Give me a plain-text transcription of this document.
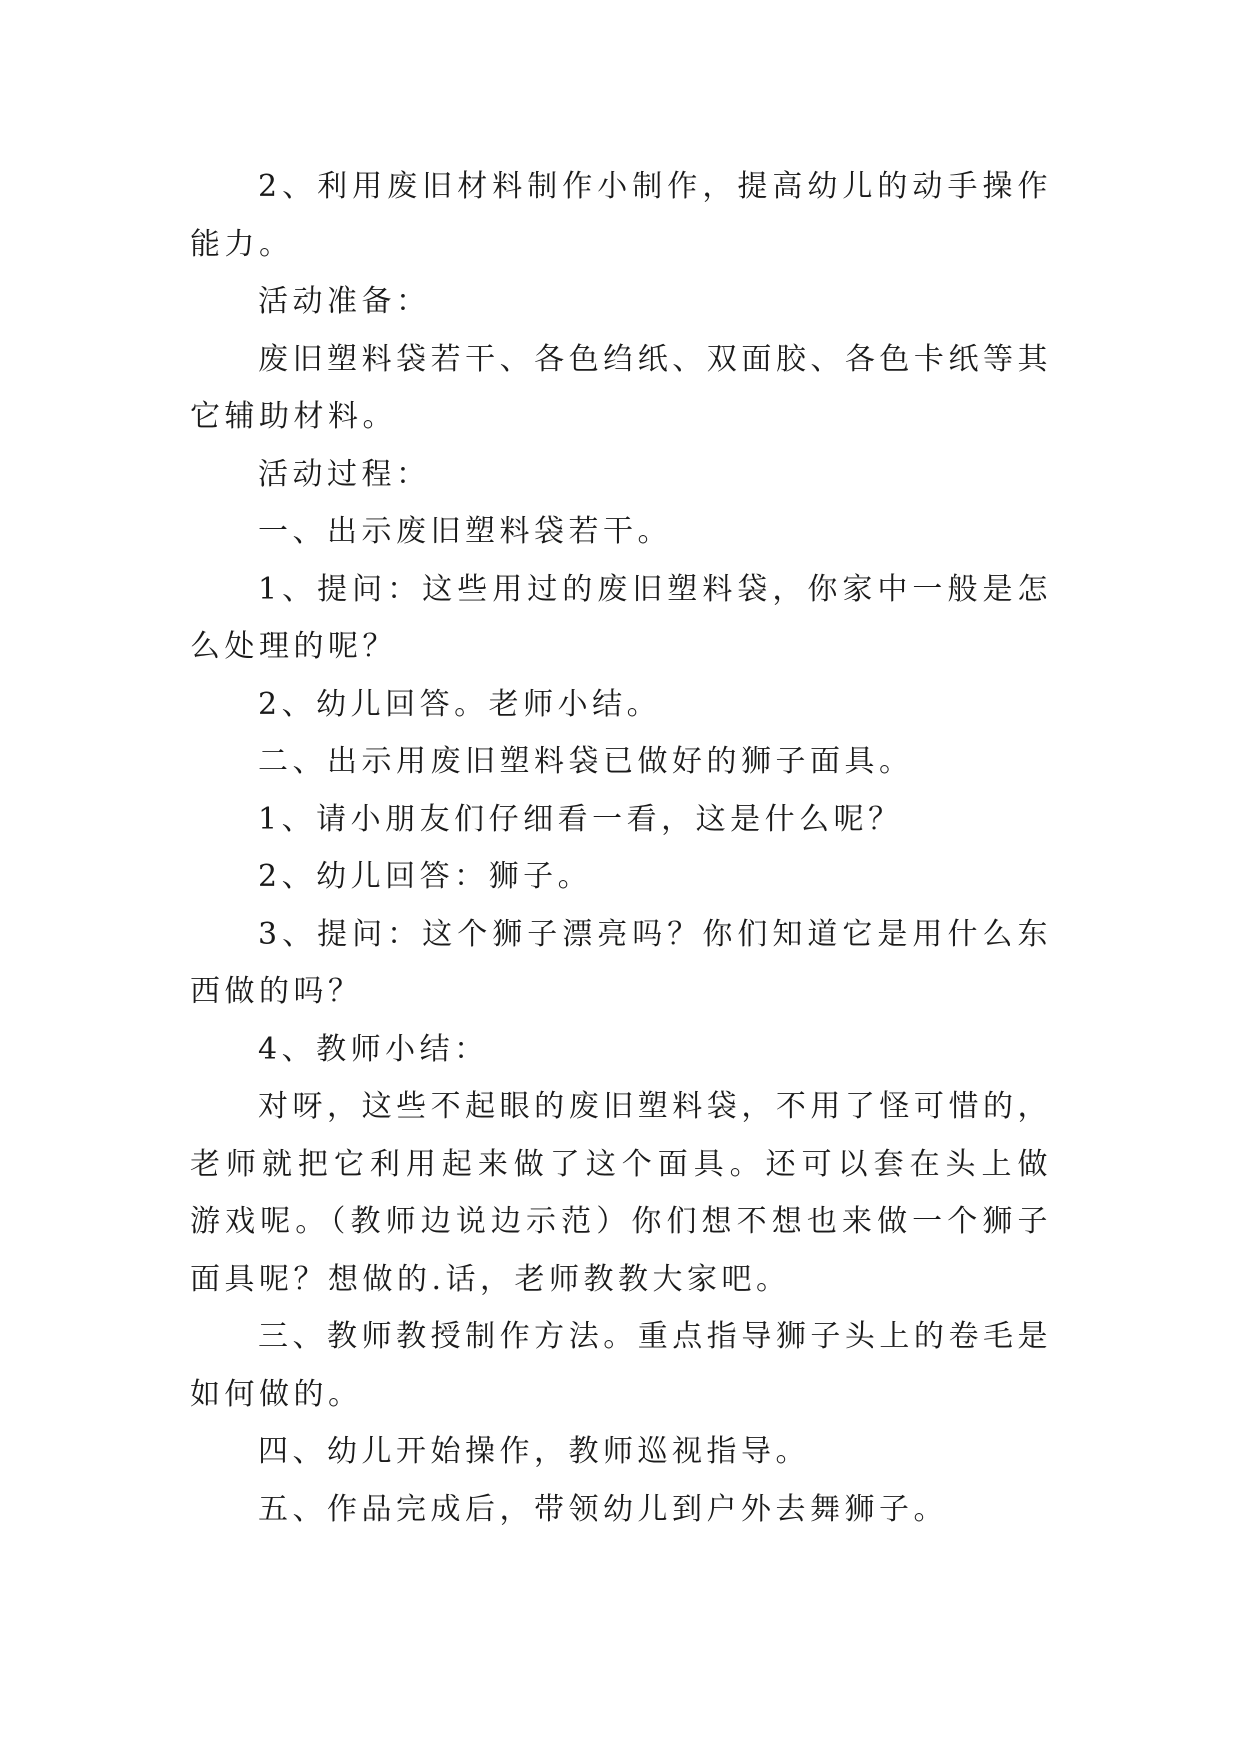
2、利用废旧材料制作小制作，提高幼儿的动手操作能力。

活动准备：

废旧塑料袋若干、各色绉纸、双面胶、各色卡纸等其它辅助材料。

活动过程：

一、出示废旧塑料袋若干。

1、提问：这些用过的废旧塑料袋，你家中一般是怎么处理的呢？

2、幼儿回答。老师小结。

二、出示用废旧塑料袋已做好的狮子面具。

1、请小朋友们仔细看一看，这是什么呢？

2、幼儿回答：狮子。

3、提问：这个狮子漂亮吗？你们知道它是用什么东西做的吗？

4、教师小结：

对呀，这些不起眼的废旧塑料袋，不用了怪可惜的，老师就把它利用起来做了这个面具。还可以套在头上做游戏呢。（教师边说边示范）你们想不想也来做一个狮子面具呢？想做的.话，老师教教大家吧。

三、教师教授制作方法。重点指导狮子头上的卷毛是如何做的。

四、幼儿开始操作，教师巡视指导。

五、作品完成后，带领幼儿到户外去舞狮子。
